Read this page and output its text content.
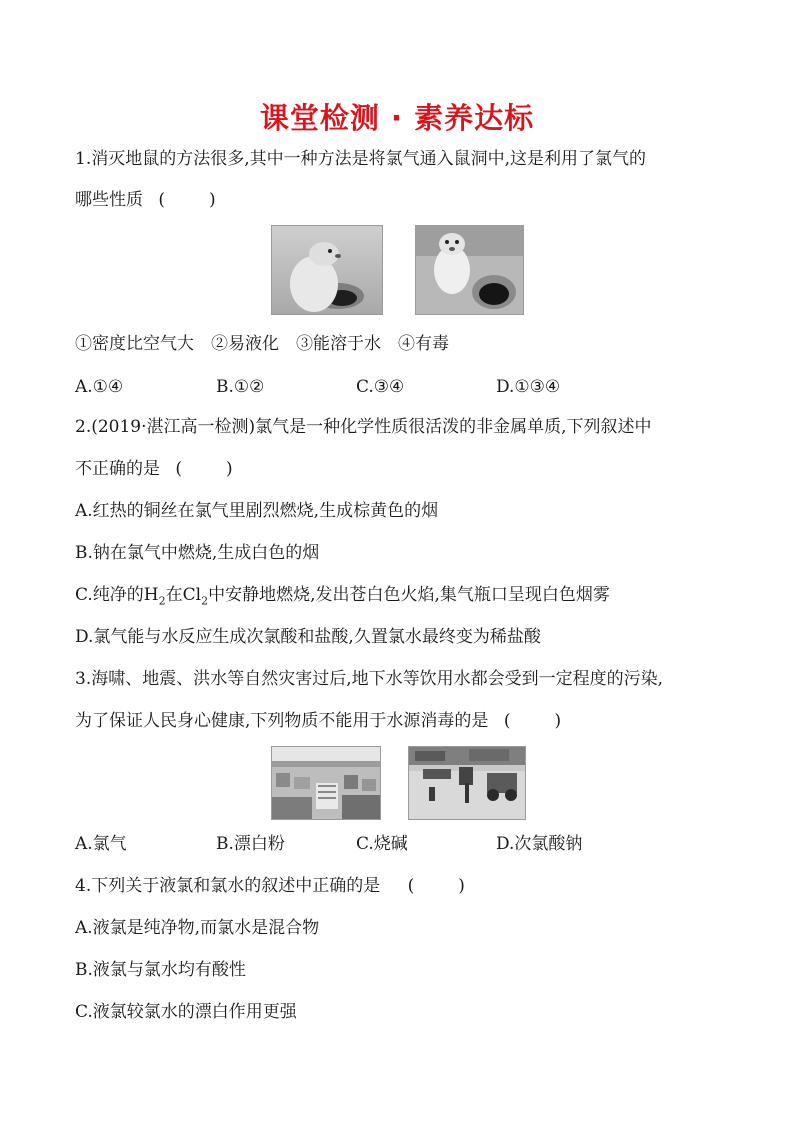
课堂检测 · 素养达标
1.消灭地鼠的方法很多,其中一种方法是将氯气通入鼠洞中,这是利用了氯气的
哪些性质 (	)
①密度比空气大　②易液化　③能溶于水　④有毒
A.①④	B.①②	C.③④	D.①③④
2.(2019·湛江高一检测)氯气是一种化学性质很活泼的非金属单质,下列叙述中
不正确的是 (	)
A.红热的铜丝在氯气里剧烈燃烧,生成棕黄色的烟
B.钠在氯气中燃烧,生成白色的烟
C.纯净的$H_2$在$Cl_2$中安静地燃烧,发出苍白色火焰,集气瓶口呈现白色烟雾
D.氯气能与水反应生成次氯酸和盐酸,久置氯水最终变为稀盐酸
3.海啸、地震、洪水等自然灾害过后,地下水等饮用水都会受到一定程度的污染,
为了保证人民身心健康,下列物质不能用于水源消毒的是 (	)
A.氯气	B.漂白粉	C.烧碱	D.次氯酸钠
4.下列关于液氯和氯水的叙述中正确的是 (	)
A.液氯是纯净物,而氯水是混合物
B.液氯与氯水均有酸性
C.液氯较氯水的漂白作用更强
